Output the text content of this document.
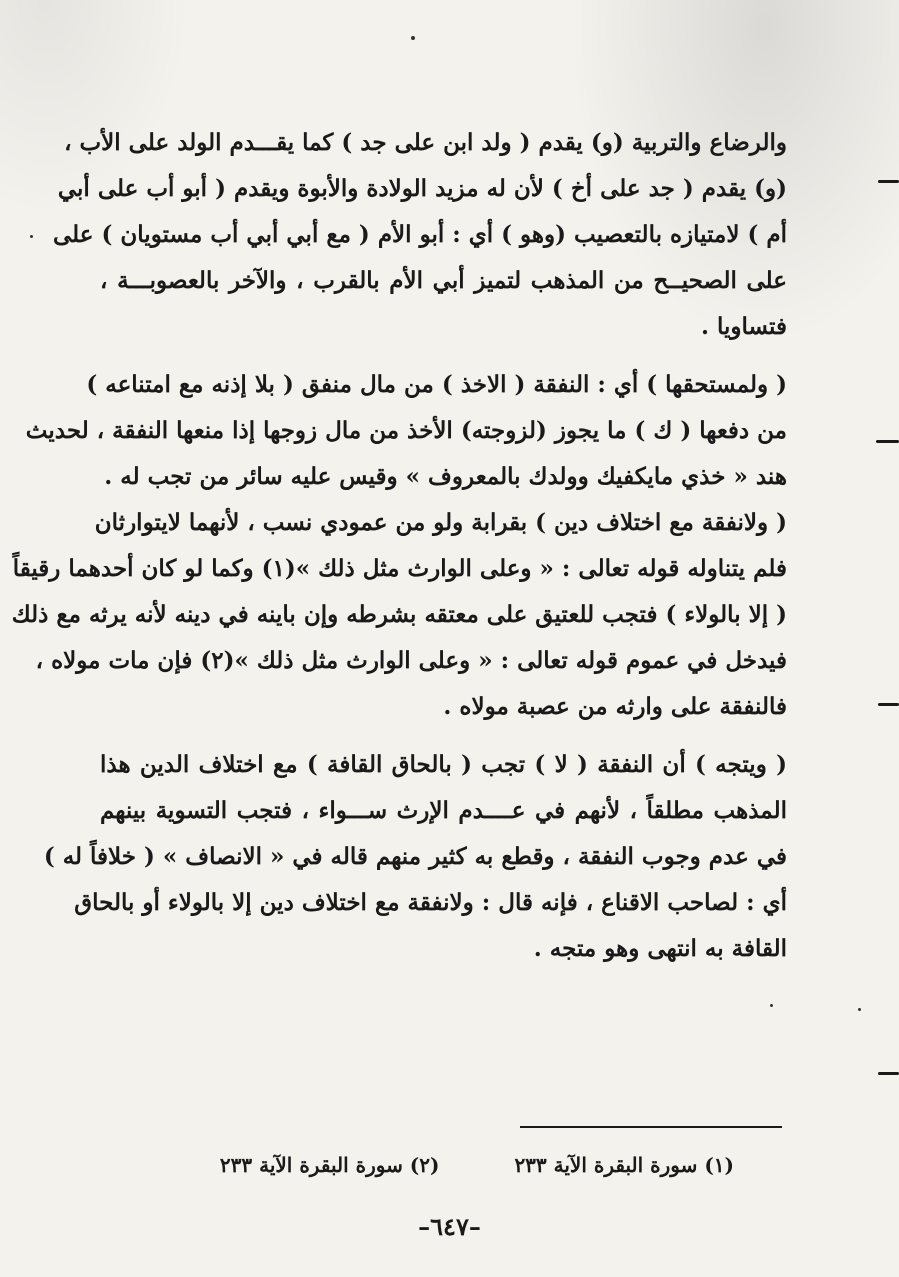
والرضاع والتربية (و) يقدم ( ولد ابن على جد ) كما يقـــدم الولد على الأب ،
(و) يقدم ( جد على أخ ) لأن له مزيد الولادة والأبوة ويقدم ( أبو أب على أبي
أم ) لامتيازه بالتعصيب (وهو ) أي : أبو الأم ( مع أبي أبي أب مستويان ) على
على الصحيــح من المذهب لتميز أبي الأم بالقرب ، والآخر بالعصوبـــة ،
فتساويا .
( ولمستحقها ) أي : النفقة ( الاخذ ) من مال منفق ( بلا إذنه مع امتناعه )
من دفعها ( ك ) ما يجوز (لزوجته) الأخذ من مال زوجها إذا منعها النفقة ، لحديث
هند « خذي مايكفيك وولدك بالمعروف » وقيس عليه سائر من تجب له .
( ولانفقة مع اختلاف دين ) بقرابة ولو من عمودي نسب ، لأنهما لايتوارثان
فلم يتناوله قوله تعالى : « وعلى الوارث مثل ذلك »(١) وكما لو كان أحدهما رقيقاً
( إلا بالولاء ) فتجب للعتيق على معتقه بشرطه وإن باينه في دينه لأنه يرثه مع ذلك
فيدخل في عموم قوله تعالى : « وعلى الوارث مثل ذلك »(٢) فإن مات مولاه ،
فالنفقة على وارثه من عصبة مولاه .
( ويتجه ) أن النفقة ( لا ) تجب ( بالحاق القافة ) مع اختلاف الدين هذا
المذهب مطلقاً ، لأنهم في عــــدم الإرث ســـواء ، فتجب التسوية بينهم
في عدم وجوب النفقة ، وقطع به كثير منهم قاله في « الانصاف » ( خلافاً له )
أي : لصاحب الاقناع ، فإنه قال : ولانفقة مع اختلاف دين إلا بالولاء أو بالحاق
القافة به انتهى وهو متجه .
(١) سورة البقرة الآية ٢٣٣ (٢) سورة البقرة الآية ٢٣٣
–٦٤٧–
